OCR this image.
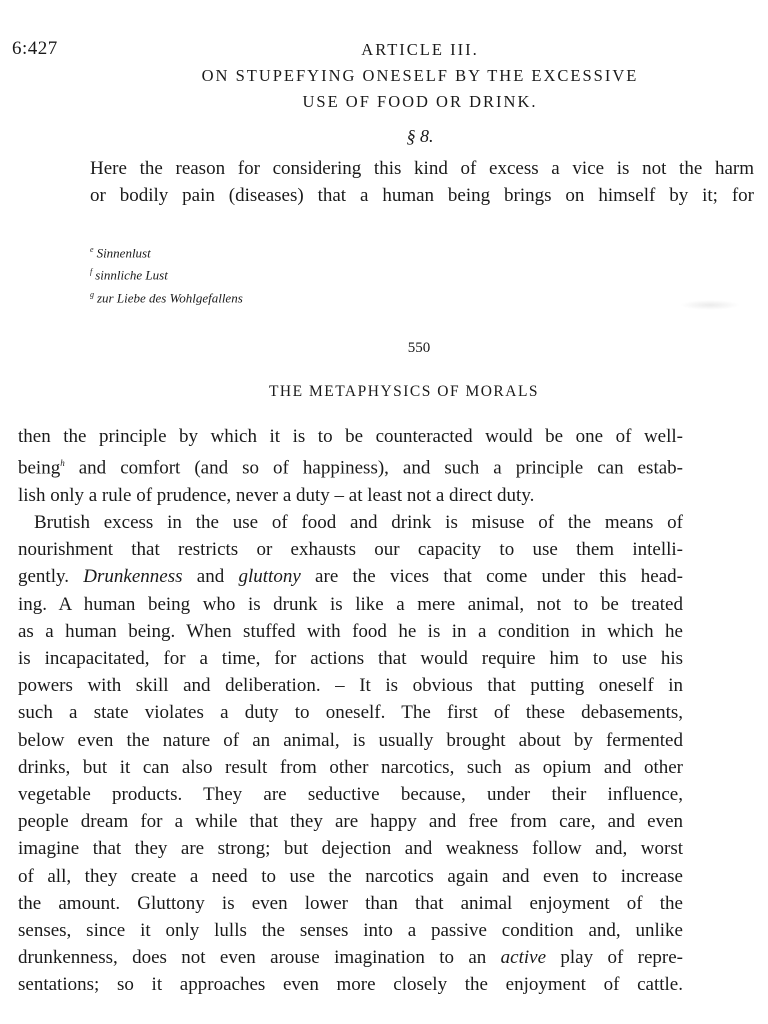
6:427	ARTICLE III.
ON STUPEFYING ONESELF BY THE EXCESSIVE
USE OF FOOD OR DRINK.
§ 8.
Here the reason for considering this kind of excess a vice is not the harm
or bodily pain (diseases) that a human being brings on himself by it; for
$^e$ Sinnenlust
$^f$ sinnliche Lust
$^g$ zur Liebe des Wohlgefallens
550
THE METAPHYSICS OF MORALS
then the principle by which it is to be counteracted would be one of well-
being$^h$ and comfort (and so of happiness), and such a principle can estab-
lish only a rule of prudence, never a duty – at least not a direct duty.
Brutish excess in the use of food and drink is misuse of the means of
nourishment that restricts or exhausts our capacity to use them intelli-
gently. Drunkenness and gluttony are the vices that come under this head-
ing. A human being who is drunk is like a mere animal, not to be treated
as a human being. When stuffed with food he is in a condition in which he
is incapacitated, for a time, for actions that would require him to use his
powers with skill and deliberation. – It is obvious that putting oneself in
such a state violates a duty to oneself. The first of these debasements,
below even the nature of an animal, is usually brought about by fermented
drinks, but it can also result from other narcotics, such as opium and other
vegetable products. They are seductive because, under their influence,
people dream for a while that they are happy and free from care, and even
imagine that they are strong; but dejection and weakness follow and, worst
of all, they create a need to use the narcotics again and even to increase
the amount. Gluttony is even lower than that animal enjoyment of the
senses, since it only lulls the senses into a passive condition and, unlike
drunkenness, does not even arouse imagination to an active play of repre-
sentations; so it approaches even more closely the enjoyment of cattle.
